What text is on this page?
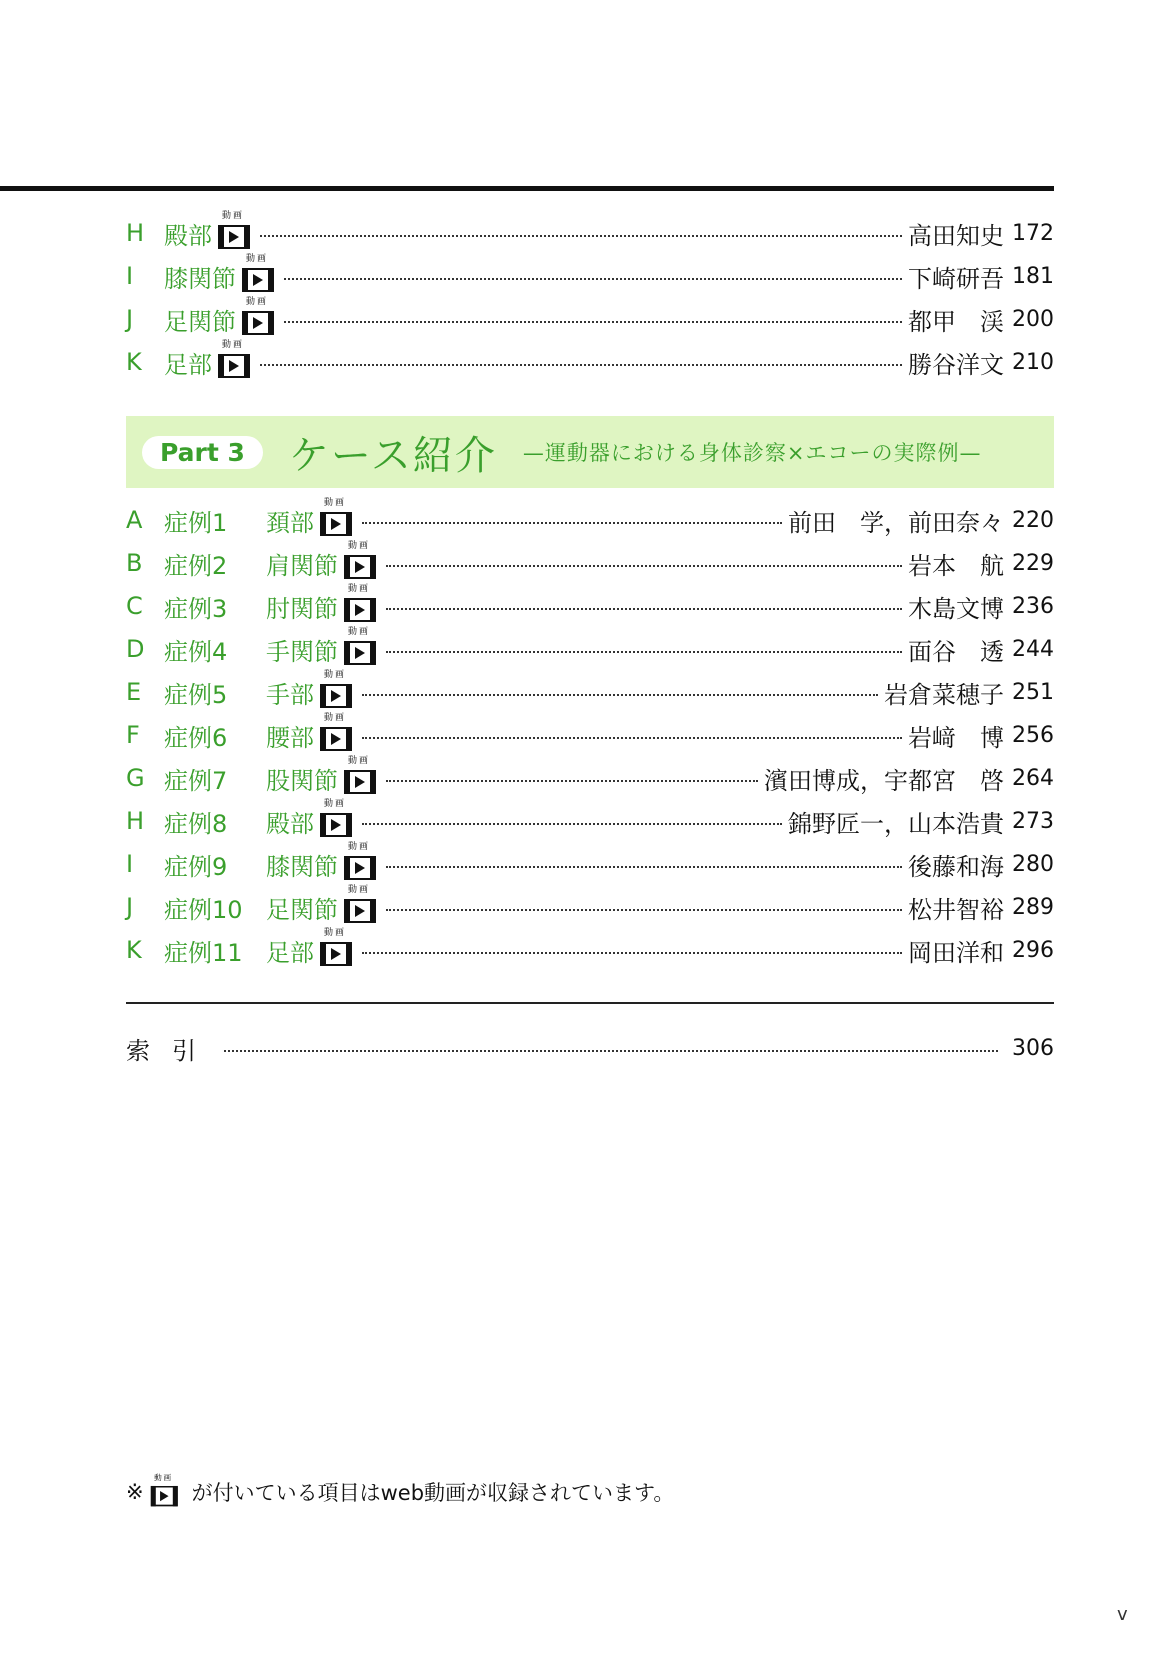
H 殿部
動画
高田知史 172
I	膝関節
動画
下崎研吾 181
J	足関節
動画
都甲　渓 200
K 足部
動画
勝谷洋文 210
Part 3	ケース紹介 —運動器における身体診察×エコーの実際例—
A 症例1	頚部
動画
前田　学，前田奈々 220
B 症例2	肩関節
動画
岩本　航 229
C 症例3	肘関節
動画
木島文博 236
D 症例4	手関節
動画
面谷　透 244
E 症例5	手部
動画
岩倉菜穂子 251
F	症例6	腰部
動画
岩﨑　博 256
G 症例7	股関節
動画
濱田博成，宇都宮　啓 264
H 症例8	殿部
動画
錦野匠一，山本浩貴 273
I	症例9	膝関節
動画
後藤和海 280
J	症例10 足関節
動画
松井智裕 289
K 症例11 足部
動画
岡田洋和 296
索引	306
※
動画
が付いている項目はweb動画が収録されています。
v
